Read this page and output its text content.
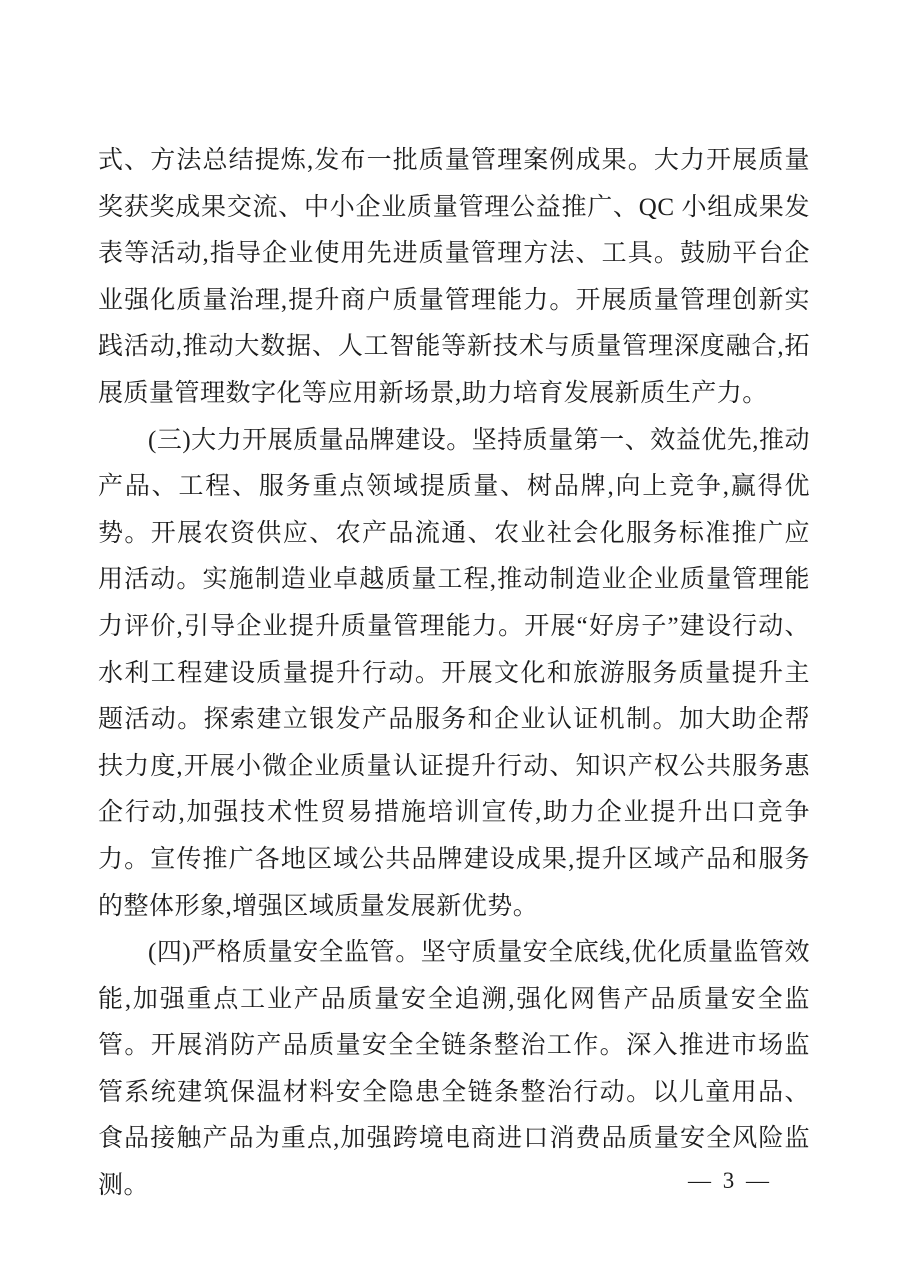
式、方法总结提炼,发布一批质量管理案例成果。大力开展质量奖获奖成果交流、中小企业质量管理公益推广、QC 小组成果发表等活动,指导企业使用先进质量管理方法、工具。鼓励平台企业强化质量治理,提升商户质量管理能力。开展质量管理创新实践活动,推动大数据、人工智能等新技术与质量管理深度融合,拓展质量管理数字化等应用新场景,助力培育发展新质生产力。

(三)大力开展质量品牌建设。坚持质量第一、效益优先,推动产品、工程、服务重点领域提质量、树品牌,向上竞争,赢得优势。开展农资供应、农产品流通、农业社会化服务标准推广应用活动。实施制造业卓越质量工程,推动制造业企业质量管理能力评价,引导企业提升质量管理能力。开展“好房子”建设行动、水利工程建设质量提升行动。开展文化和旅游服务质量提升主题活动。探索建立银发产品服务和企业认证机制。加大助企帮扶力度,开展小微企业质量认证提升行动、知识产权公共服务惠企行动,加强技术性贸易措施培训宣传,助力企业提升出口竞争力。宣传推广各地区域公共品牌建设成果,提升区域产品和服务的整体形象,增强区域质量发展新优势。

(四)严格质量安全监管。坚守质量安全底线,优化质量监管效能,加强重点工业产品质量安全追溯,强化网售产品质量安全监管。开展消防产品质量安全全链条整治工作。深入推进市场监管系统建筑保温材料安全隐患全链条整治行动。以儿童用品、食品接触产品为重点,加强跨境电商进口消费品质量安全风险监测。	— 3 —
